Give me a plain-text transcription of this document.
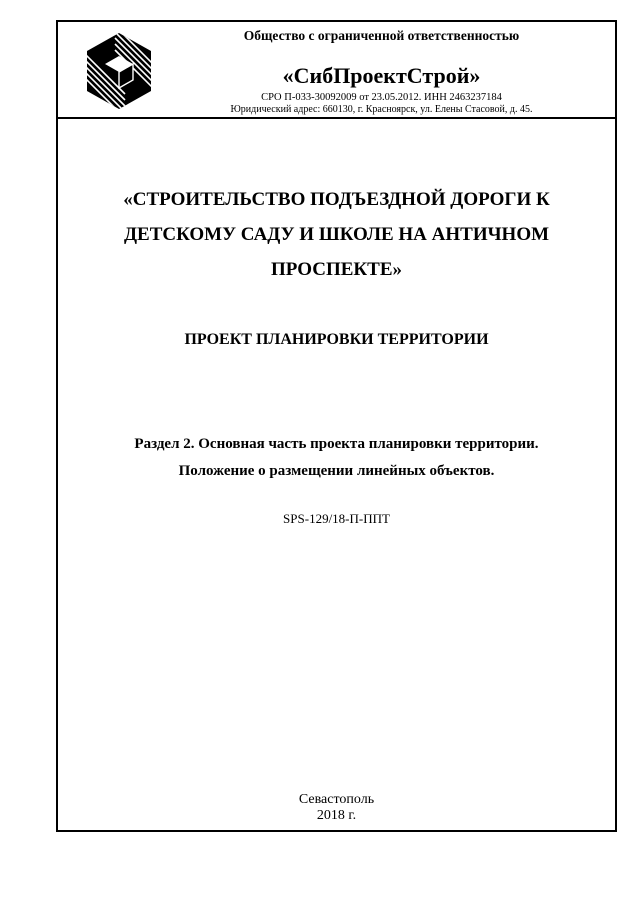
Общество с ограниченной ответственностью
«СибПроектСтрой»
СРО П-033-30092009 от 23.05.2012. ИНН 2463237184
Юридический адрес: 660130, г. Красноярск, ул. Елены Стасовой, д. 45.
«СТРОИТЕЛЬСТВО ПОДЪЕЗДНОЙ ДОРОГИ К
ДЕТСКОМУ САДУ И ШКОЛЕ НА АНТИЧНОМ
ПРОСПЕКТЕ»
ПРОЕКТ ПЛАНИРОВКИ ТЕРРИТОРИИ
Раздел 2. Основная часть проекта планировки территории.
Положение о размещении линейных объектов.
SPS-129/18-П-ППТ
Севастополь
2018 г.
